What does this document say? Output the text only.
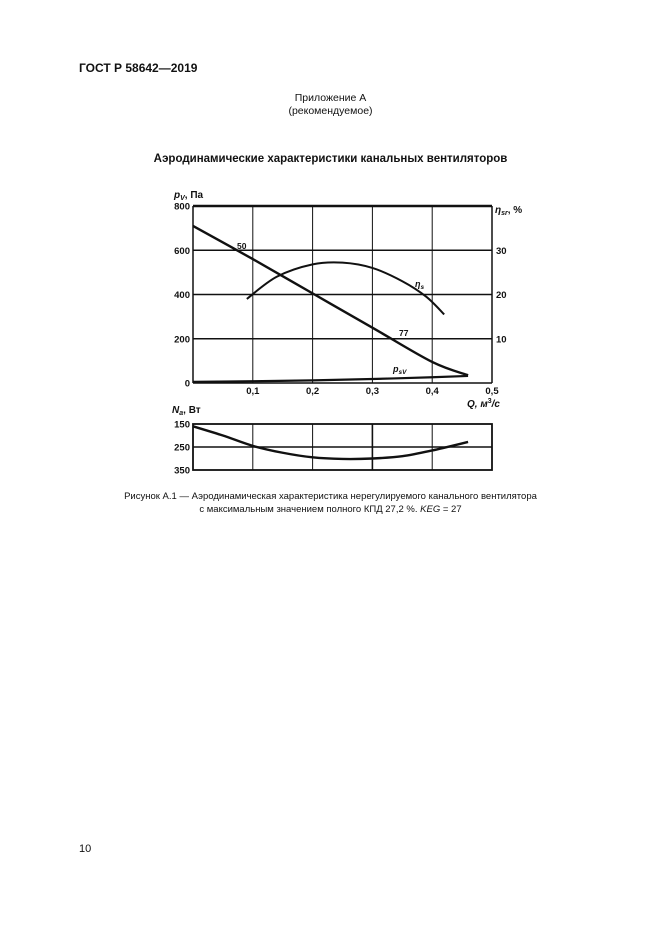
ГОСТ Р 58642—2019
Приложение А
(рекомендуемое)
Аэродинамические характеристики канальных вентиляторов
$p_V$, Па
$\eta_{sr}$, %
Q, $м^3/с$
$N_a$, Вт
800
600
400
200
0
30
20
10
0,1	0,2	0,3	0,4	0,5
150
250
350
50
77
$\eta_s$
$p_{sV}$
Рисунок А.1 — Аэродинамическая характеристика нерегулируемого канального вентилятора
с максимальным значением полного КПД 27,2 %. KEG = 27
10
